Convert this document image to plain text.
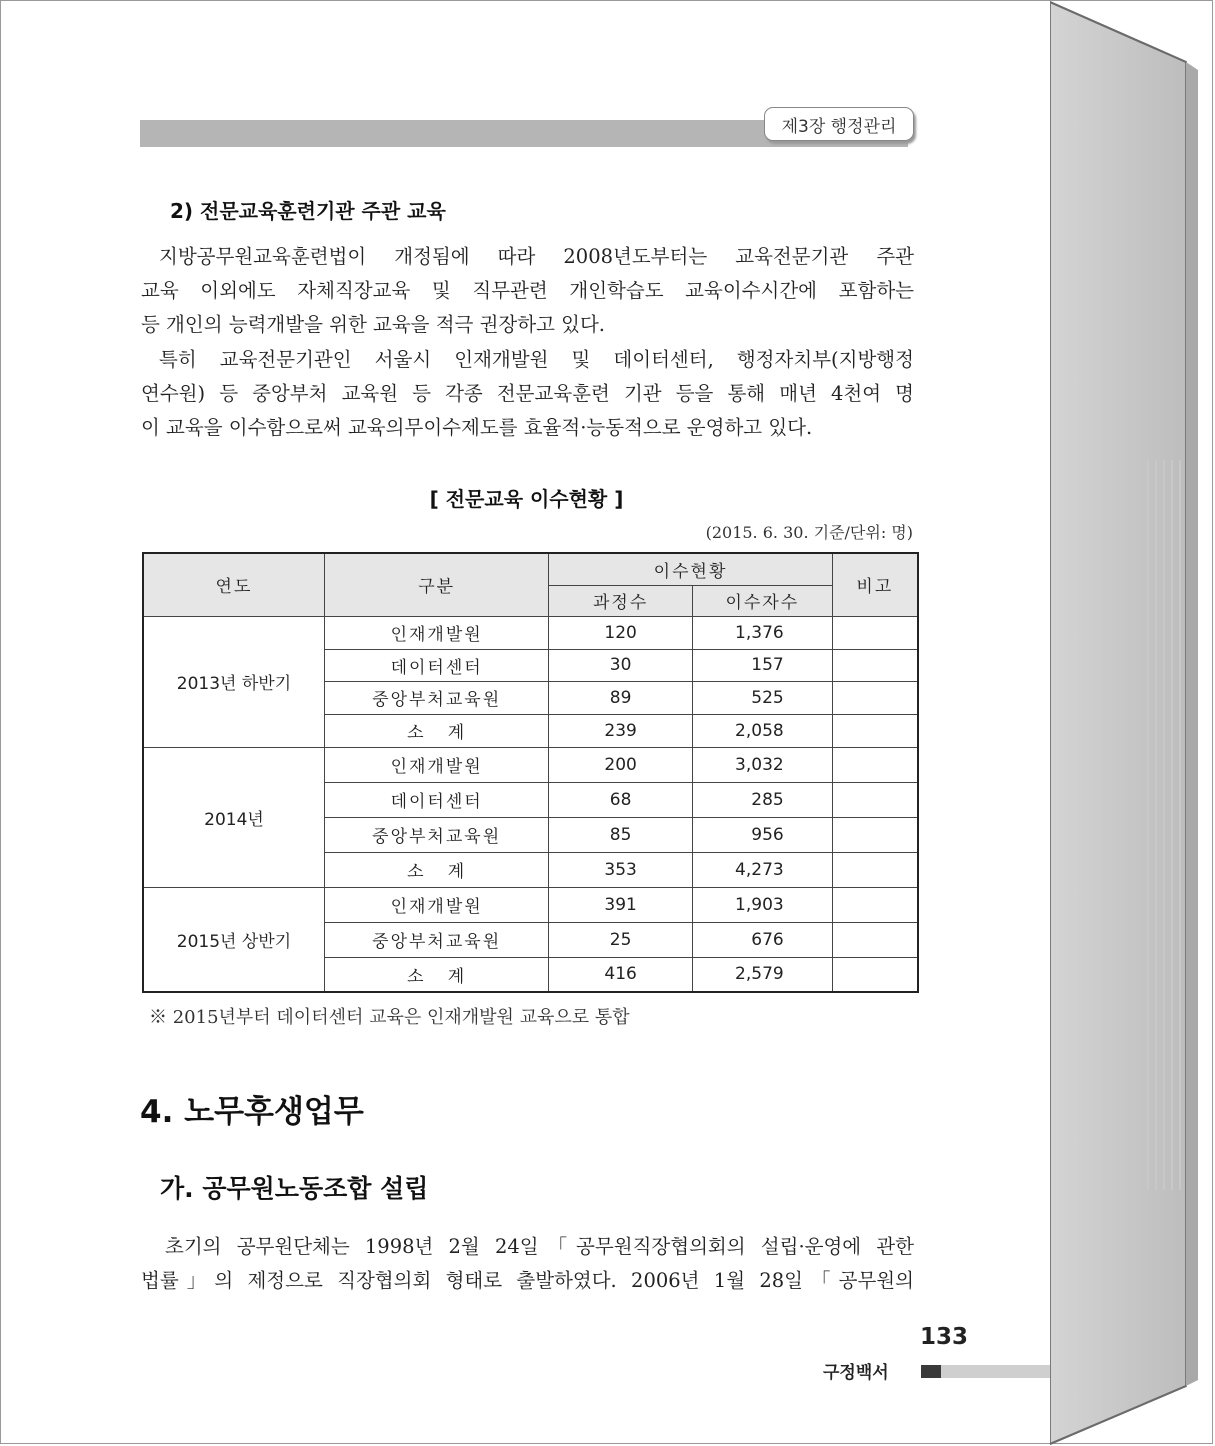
제3장 행정관리
2) 전문교육훈련기관 주관 교육
지방공무원교육훈련법이 개정됨에 따라 2008년도부터는 교육전문기관 주관
교육 이외에도 자체직장교육 및 직무관련 개인학습도 교육이수시간에 포함하는
등 개인의 능력개발을 위한 교육을 적극 권장하고 있다.
특히 교육전문기관인 서울시 인재개발원 및 데이터센터, 행정자치부(지방행정
연수원) 등 중앙부처 교육원 등 각종 전문교육훈련 기관 등을 통해 매년 4천여 명
이 교육을 이수함으로써 교육의무이수제도를 효율적·능동적으로 운영하고 있다.
[ 전문교육 이수현황 ]
(2015. 6. 30. 기준/단위: 명)
연도	구분	이수현황		비고
		과정수	이수자수	
2013년 하반기	인재개발원	120	1,376	
	데이터센터	30	157	
	중앙부처교육원	89	525	
	소   계	239	2,058	
2014년	인재개발원	200	3,032	
	데이터센터	68	285	
	중앙부처교육원	85	956	
	소   계	353	4,273	
2015년 상반기	인재개발원	391	1,903	
	중앙부처교육원	25	676	
	소   계	416	2,579	
※ 2015년부터 데이터센터 교육은 인재개발원 교육으로 통합
4. 노무후생업무
가. 공무원노동조합 설립
초기의 공무원단체는 1998년 2월 24일「공무원직장협의회의 설립·운영에 관한
법률」의 제정으로 직장협의회 형태로 출발하였다. 2006년 1월 28일「공무원의
133
구정백서
